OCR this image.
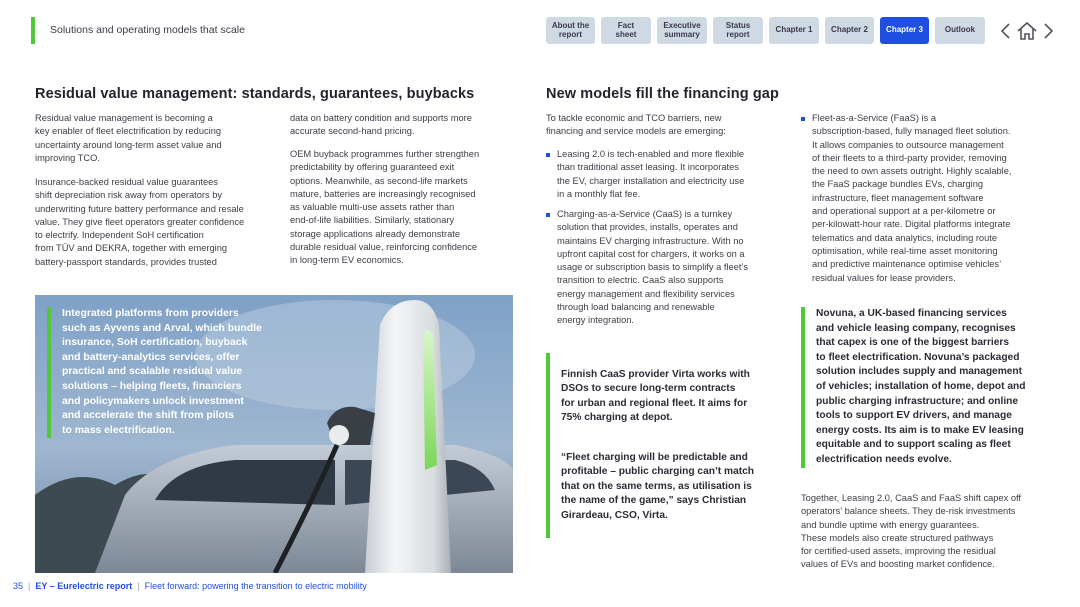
Solutions and operating models that scale	About the
report
Fact
sheet
Executive
summary
Status
report	Chapter 1	Chapter 2	Chapter 3	Outlook
Residual value management: standards, guarantees, buybacks
Residual value management is becoming a
key enabler of fleet electrification by reducing
uncertainty around long-term asset value and
improving TCO.
Insurance-backed residual value guarantees
shift depreciation risk away from operators by
underwriting future battery performance and resale
value. They give fleet operators greater confidence
to electrify. Independent SoH certification
from TÜV and DEKRA, together with emerging
battery-passport standards, provides trusted
data on battery condition and supports more
accurate second-hand pricing.
OEM buyback programmes further strengthen
predictability by offering guaranteed exit
options. Meanwhile, as second-life markets
mature, batteries are increasingly recognised
as valuable multi-use assets rather than
end-of-life liabilities. Similarly, stationary
storage applications already demonstrate
durable residual value, reinforcing confidence
in long-term EV economics.
Integrated platforms from providers
such as Ayvens and Arval, which bundle
insurance, SoH certification, buyback
and battery-analytics services, offer
practical and scalable residual value
solutions – helping fleets, financiers
and policymakers unlock investment
and accelerate the shift from pilots
to mass electrification.
New models fill the financing gap
To tackle economic and TCO barriers, new
financing and service models are emerging:
Leasing 2.0 is tech-enabled and more flexible
than traditional asset leasing. It incorporates
the EV, charger installation and electricity use
in a monthly flat fee.
Charging-as-a-Service (CaaS) is a turnkey
solution that provides, installs, operates and
maintains EV charging infrastructure. With no
upfront capital cost for chargers, it works on a
usage or subscription basis to simplify a fleet’s
transition to electric. CaaS also supports
energy management and flexibility services
through load balancing and renewable
energy integration.
Fleet-as-a-Service (FaaS) is a
subscription-based, fully managed fleet solution.
It allows companies to outsource management
of their fleets to a third-party provider, removing
the need to own assets outright. Highly scalable,
the FaaS package bundles EVs, charging
infrastructure, fleet management software
and operational support at a per-kilometre or
per-kilowatt-hour rate. Digital platforms integrate
telematics and data analytics, including route
optimisation, while real-time asset monitoring
and predictive maintenance optimise vehicles’
residual values for lease providers.

Finnish CaaS provider Virta works with
DSOs to secure long-term contracts
for urban and regional fleet. It aims for
75% charging at depot.

“Fleet charging will be predictable and
profitable – public charging can’t match
that on the same terms, as utilisation is
the name of the game,” says Christian
Girardeau, CSO, Virta.

Novuna, a UK-based financing services
and vehicle leasing company, recognises
that capex is one of the biggest barriers
to fleet electrification. Novuna’s packaged
solution includes supply and management
of vehicles; installation of home, depot and
public charging infrastructure; and online
tools to support EV drivers, and manage
energy costs. Its aim is to make EV leasing
equitable and to support scaling as fleet
electrification needs evolve.
Together, Leasing 2.0, CaaS and FaaS shift capex off
operators’ balance sheets. They de-risk investments
and bundle uptime with energy guarantees.
These models also create structured pathways
for certified-used assets, improving the residual
values of EVs and boosting market confidence.
35 | EY – Eurelectric report | Fleet forward: powering the transition to electric mobility
